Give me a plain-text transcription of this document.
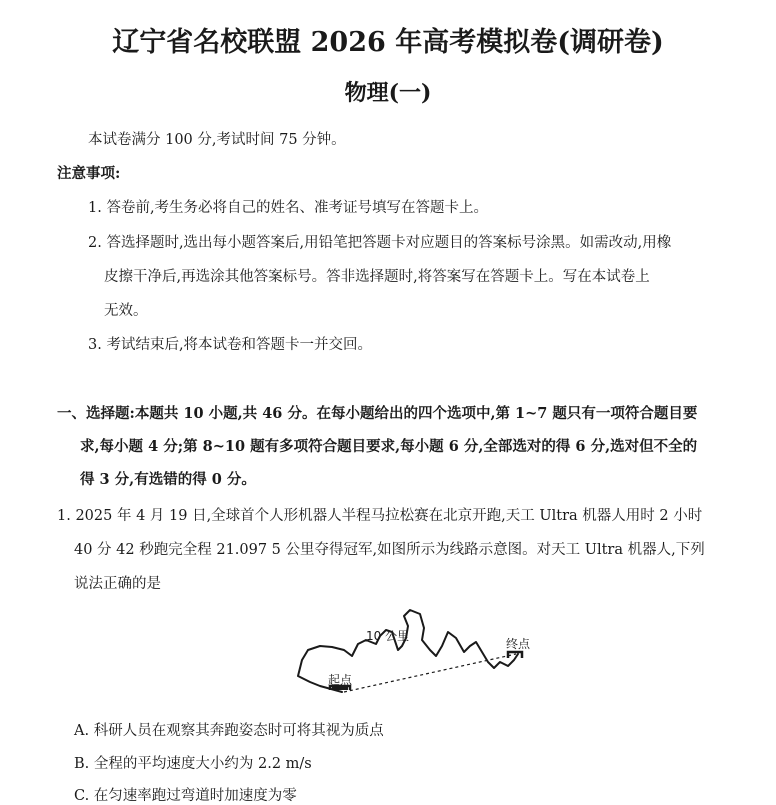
辽宁省名校联盟 2026 年高考模拟卷(调研卷)
物理(一)
本试卷满分 100 分,考试时间 75 分钟。
注意事项:
1. 答卷前,考生务必将自己的姓名、准考证号填写在答题卡上。
2. 答选择题时,选出每小题答案后,用铅笔把答题卡对应题目的答案标号涂黑。如需改动,用橡
皮擦干净后,再选涂其他答案标号。答非选择题时,将答案写在答题卡上。写在本试卷上
无效。
3. 考试结束后,将本试卷和答题卡一并交回。
一、选择题:本题共 10 小题,共 46 分。在每小题给出的四个选项中,第 1~7 题只有一项符合题目要
求,每小题 4 分;第 8~10 题有多项符合题目要求,每小题 6 分,全部选对的得 6 分,选对但不全的
得 3 分,有选错的得 0 分。
1. 2025 年 4 月 19 日,全球首个人形机器人半程马拉松赛在北京开跑,天工 Ultra 机器人用时 2 小时
40 分 42 秒跑完全程 21.097 5 公里夺得冠军,如图所示为线路示意图。对天工 Ultra 机器人,下列
说法正确的是
10 公里
终点
起点
A. 科研人员在观察其奔跑姿态时可将其视为质点
B. 全程的平均速度大小约为 2.2 m/s
C. 在匀速率跑过弯道时加速度为零
